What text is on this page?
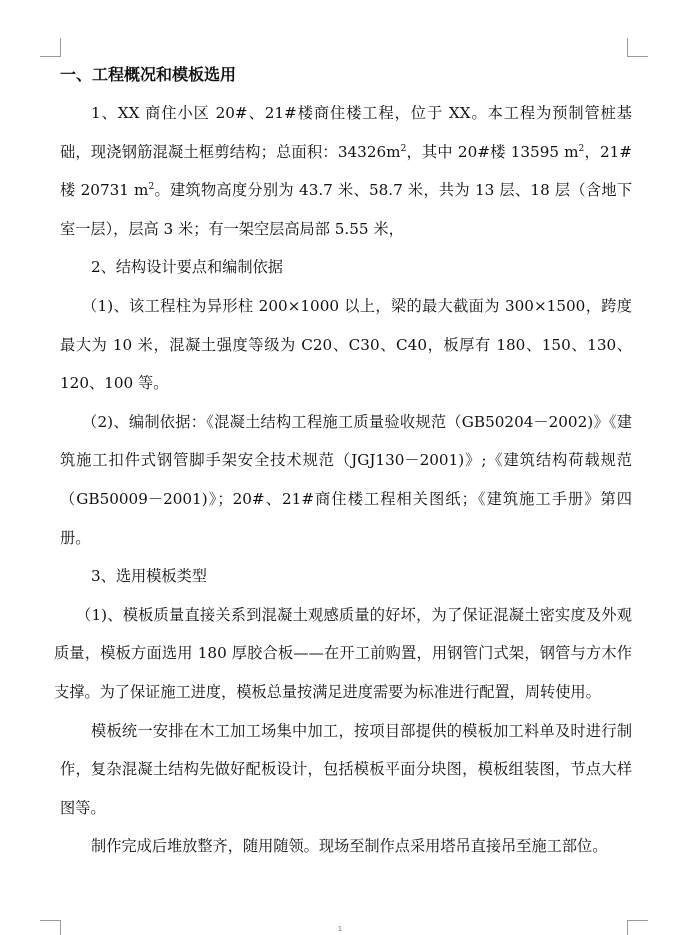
一、工程概况和模板选用

1、XX 商住小区 20#、21#楼商住楼工程，位于 XX。本工程为预制管桩基础，现浇钢筋混凝土框剪结构；总面积：$34326m^2$，其中 20#楼 13595 $m^2$，21#楼 20731 $m^2$。建筑物高度分别为 43.7 米、58.7 米，共为 13 层、18 层（含地下室一层），层高 3 米；有一架空层高局部 5.55 米，

2、结构设计要点和编制依据

（1)、该工程柱为异形柱 200×1000 以上，梁的最大截面为 300×1500，跨度最大为 10 米，混凝土强度等级为 C20、C30、C40，板厚有 180、150、130、120、100 等。

（2)、编制依据：《混凝土结构工程施工质量验收规范（GB50204－2002)》《建筑施工扣件式钢管脚手架安全技术规范（JGJ130－2001)》;《建筑结构荷载规范（GB50009－2001)》；20#、21#商住楼工程相关图纸；《建筑施工手册》第四册。

3、选用模板类型

（1)、模板质量直接关系到混凝土观感质量的好坏，为了保证混凝土密实度及外观质量，模板方面选用 180 厚胶合板——在开工前购置，用钢管门式架，钢管与方木作支撑。为了保证施工进度，模板总量按满足进度需要为标准进行配置，周转使用。

模板统一安排在木工加工场集中加工，按项目部提供的模板加工料单及时进行制作，复杂混凝土结构先做好配板设计，包括模板平面分块图，模板组装图，节点大样图等。

制作完成后堆放整齐，随用随领。现场至制作点采用塔吊直接吊至施工部位。

1
